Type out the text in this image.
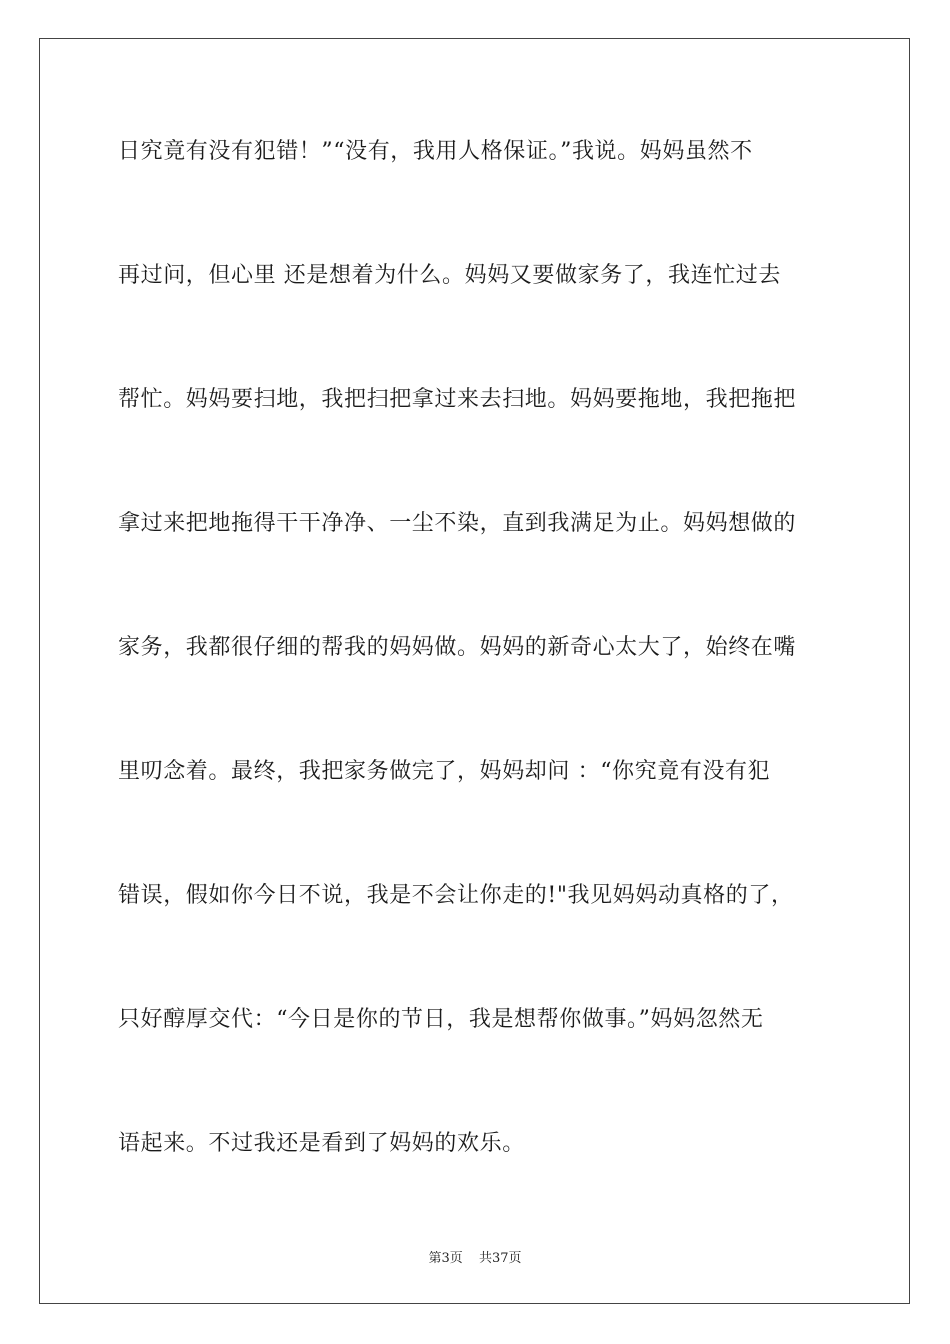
日究竟有没有犯错！”“没有，我用人格保证。”我说。妈妈虽然不
再过问，但心里 还是想着为什么。妈妈又要做家务了，我连忙过去
帮忙。妈妈要扫地，我把扫把拿过来去扫地。妈妈要拖地，我把拖把
拿过来把地拖得干干净净、一尘不染，直到我满足为止。妈妈想做的
家务，我都很仔细的帮我的妈妈做。妈妈的新奇心太大了，始终在嘴
里叨念着。最终，我把家务做完了，妈妈却问 ：“你究竟有没有犯
错误，假如你今日不说，我是不会让你走的!"我见妈妈动真格的了，
只好醇厚交代：“今日是你的节日，我是想帮你做事。”妈妈忽然无
语起来。不过我还是看到了妈妈的欢乐。
第3页 共37页
